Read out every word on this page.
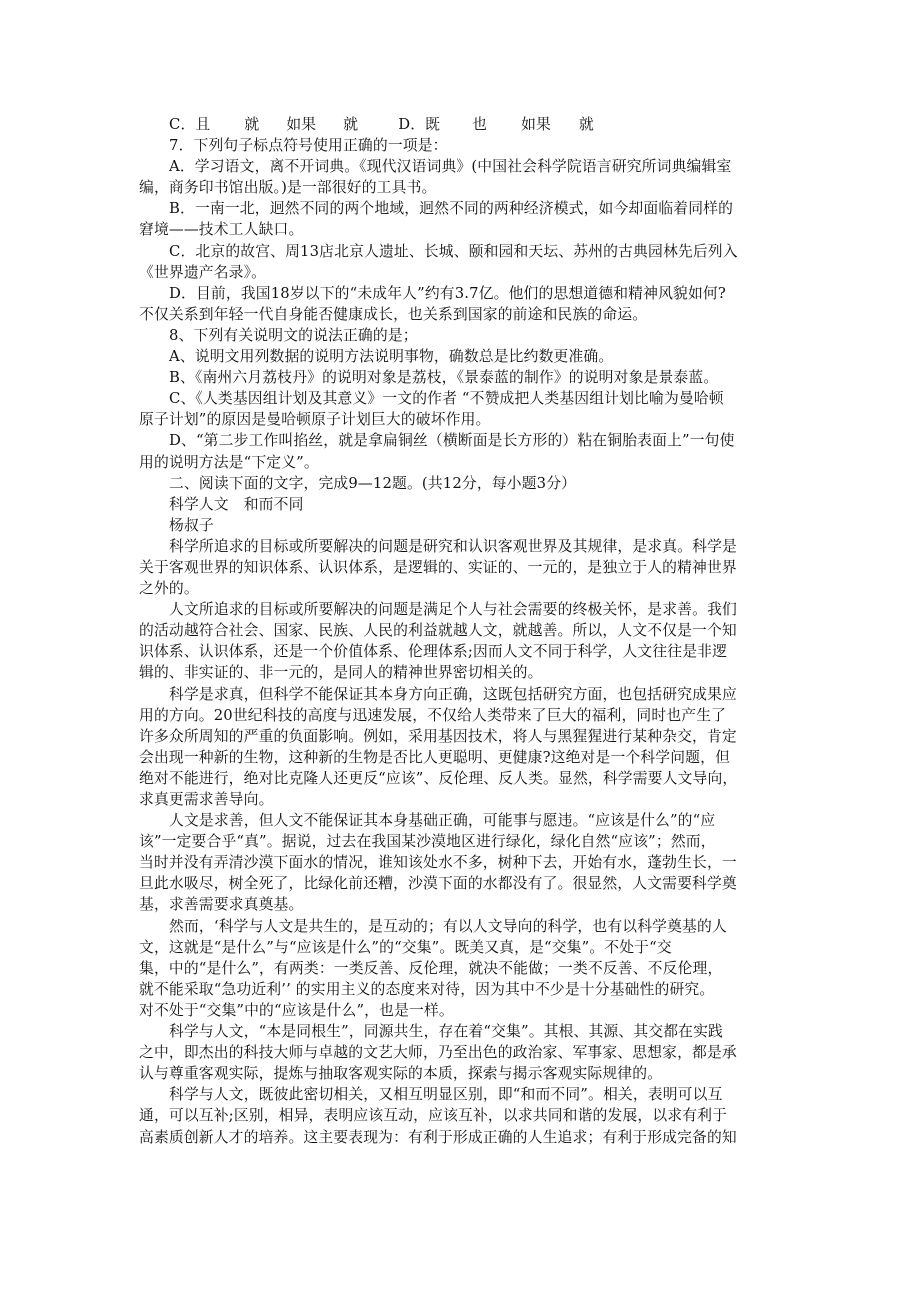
C．且 就 如果 就	D．既 也 如果 就
7．下列句子标点符号使用正确的一项是：
A．学习语文，离不开词典。《现代汉语词典》(中国社会科学院语言研究所词典编辑室
编，商务印书馆出版。)是一部很好的工具书。
B．一南一北，迥然不同的两个地域，迥然不同的两种经济模式，如今却面临着同样的
窘境——技术工人缺口。
C．北京的故宫、周13店北京人遗址、长城、颐和园和天坛、苏州的古典园林先后列入
《世界遗产名录》。
D．目前，我国18岁以下的“未成年人”约有3.7亿。他们的思想道德和精神风貌如何?
不仅关系到年轻一代自身能否健康成长，也关系到国家的前途和民族的命运。
8、下列有关说明文的说法正确的是；
A、说明文用列数据的说明方法说明事物，确数总是比约数更准确。
B、《南州六月荔枝丹》的说明对象是荔枝，《景泰蓝的制作》的说明对象是景泰蓝。
C、《人类基因组计划及其意义》一文的作者 “不赞成把人类基因组计划比喻为曼哈顿
原子计划”的原因是曼哈顿原子计划巨大的破坏作用。
D、“第二步工作叫掐丝，就是拿扁铜丝（横断面是长方形的）粘在铜胎表面上”一句使
用的说明方法是“下定义”。
二、阅读下面的文字，完成9—12题。(共12分，每小题3分）
科学人文　和而不同
杨叔子
科学所追求的目标或所要解决的问题是研究和认识客观世界及其规律，是求真。科学是
关于客观世界的知识体系、认识体系，是逻辑的、实证的、一元的，是独立于人的精神世界
之外的。
人文所追求的目标或所要解决的问题是满足个人与社会需要的终极关怀，是求善。我们
的活动越符合社会、国家、民族、人民的利益就越人文，就越善。所以，人文不仅是一个知
识体系、认识体系，还是一个价值体系、伦理体系;因而人文不同于科学，人文往往是非逻
辑的、非实证的、非一元的，是同人的精神世界密切相关的。
科学是求真，但科学不能保证其本身方向正确，这既包括研究方面，也包括研究成果应
用的方向。20世纪科技的高度与迅速发展，不仅给人类带来了巨大的福利，同时也产生了
许多众所周知的严重的负面影响。例如，采用基因技术，将人与黑猩猩进行某种杂交，肯定
会出现一种新的生物，这种新的生物是否比人更聪明、更健康?这绝对是一个科学问题，但
绝对不能进行，绝对比克隆人还更反“应该”、反伦理、反人类。显然，科学需要人文导向，
求真更需求善导向。
人文是求善，但人文不能保证其本身基础正确，可能事与愿违。“应该是什么”的“应
该”一定要合乎“真”。据说，过去在我国某沙漠地区进行绿化，绿化自然“应该”；然而，
当时并没有弄清沙漠下面水的情况，谁知该处水不多，树种下去，开始有水，蓬勃生长，一
旦此水吸尽，树全死了，比绿化前还糟，沙漠下面的水都没有了。很显然，人文需要科学奠
基，求善需要求真奠基。
然而，‘科学与人文是共生的，是互动的；有以人文导向的科学，也有以科学奠基的人
文，这就是“是什么”与“应该是什么”的“交集”。既美又真，是“交集”。不处于“交
集，中的“是什么”，有两类：一类反善、反伦理，就决不能做；一类不反善、不反伦理，
就不能采取“急功近利’’ 的实用主义的态度来对待，因为其中不少是十分基础性的研究。
对不处于“交集”中的“应该是什么”，也是一样。
科学与人文，“本是同根生”，同源共生，存在着“交集”。其根、其源、其交都在实践
之中，即杰出的科技大师与卓越的文艺大师，乃至出色的政治家、军事家、思想家，都是承
认与尊重客观实际，提炼与抽取客观实际的本质，探索与揭示客观实际规律的。
科学与人文，既彼此密切相关，又相互明显区别，即“和而不同”。相关，表明可以互
通，可以互补;区别，相异，表明应该互动，应该互补，以求共同和谐的发展，以求有利于
高素质创新人才的培养。这主要表现为：有利于形成正确的人生追求；有利于形成完备的知
